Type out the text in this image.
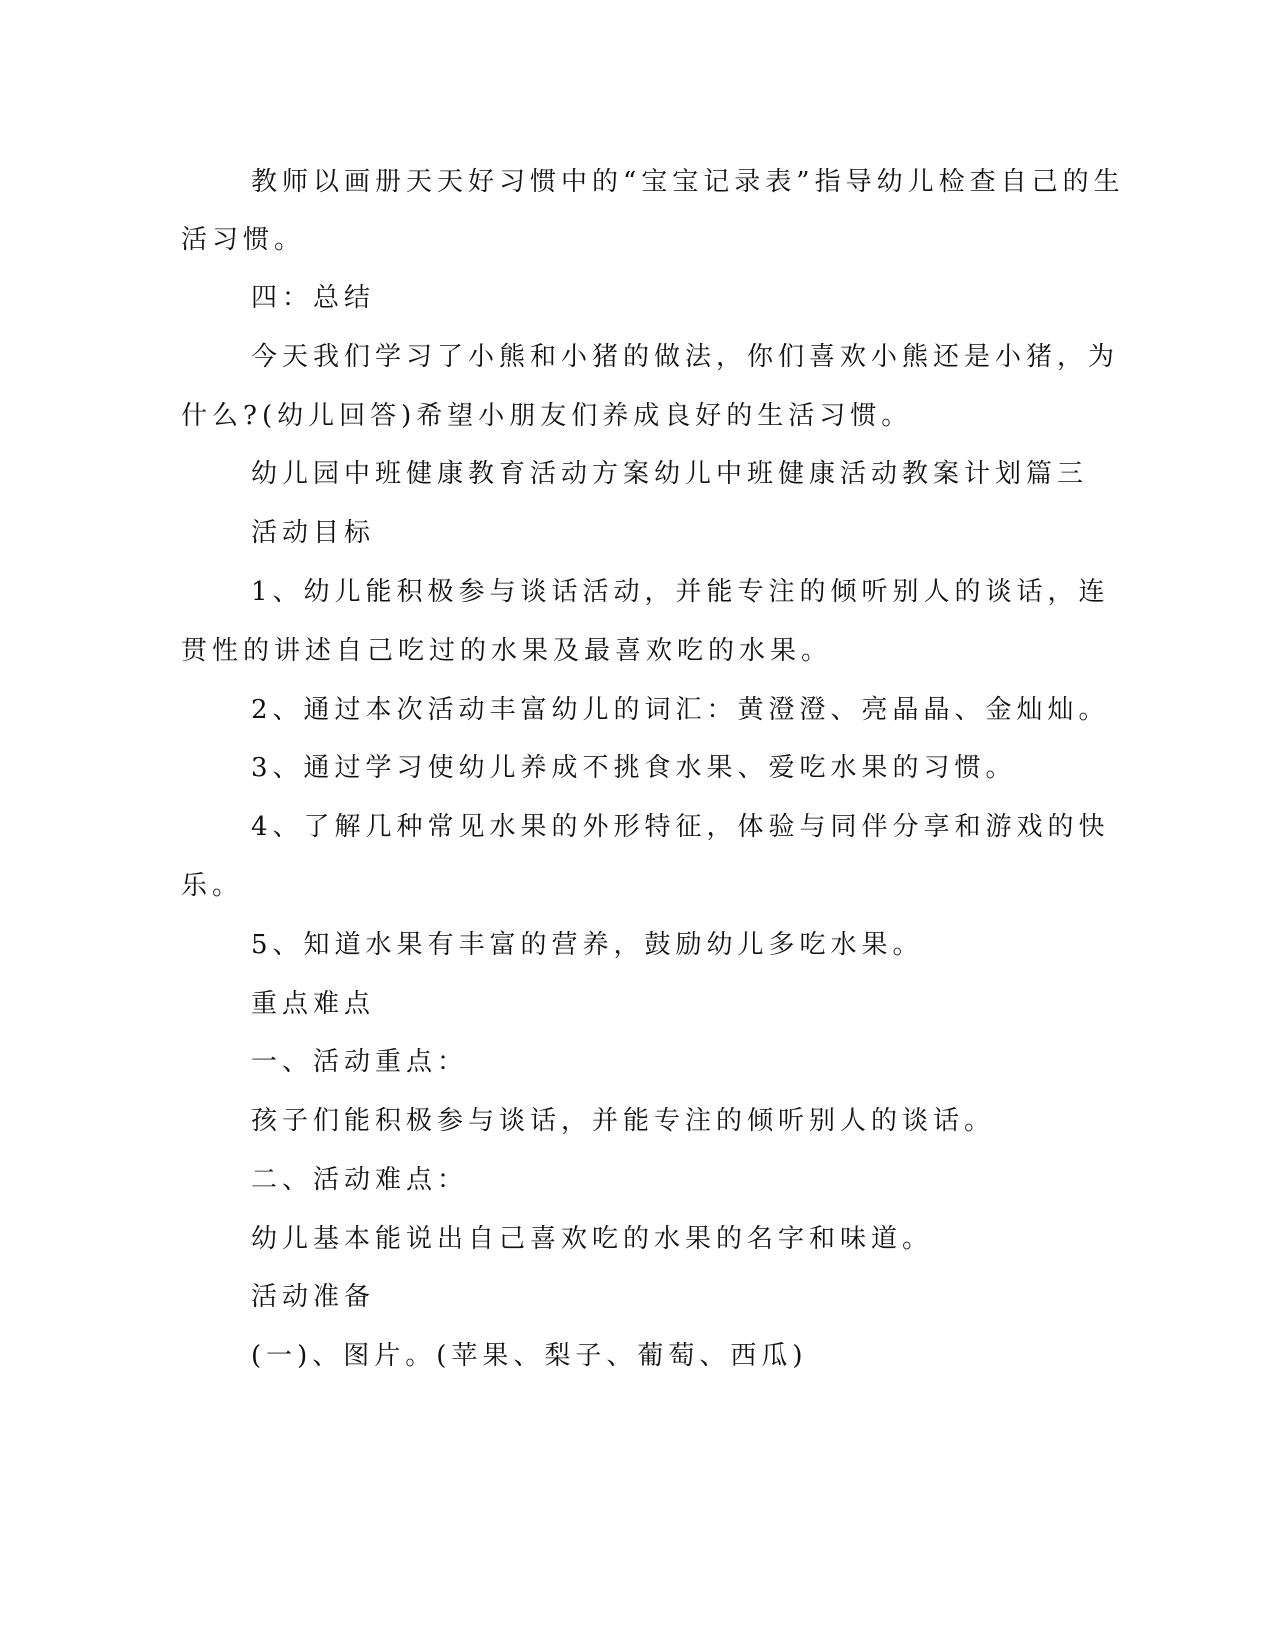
教师以画册天天好习惯中的“宝宝记录表”指导幼儿检查自己的生
活习惯。
四：总结
今天我们学习了小熊和小猪的做法，你们喜欢小熊还是小猪，为
什么?(幼儿回答)希望小朋友们养成良好的生活习惯。
幼儿园中班健康教育活动方案幼儿中班健康活动教案计划篇三
活动目标
1、幼儿能积极参与谈话活动，并能专注的倾听别人的谈话，连
贯性的讲述自己吃过的水果及最喜欢吃的水果。
2、通过本次活动丰富幼儿的词汇：黄澄澄、亮晶晶、金灿灿。
3、通过学习使幼儿养成不挑食水果、爱吃水果的习惯。
4、了解几种常见水果的外形特征，体验与同伴分享和游戏的快
乐。
5、知道水果有丰富的营养，鼓励幼儿多吃水果。
重点难点
一、活动重点：
孩子们能积极参与谈话，并能专注的倾听别人的谈话。
二、活动难点：
幼儿基本能说出自己喜欢吃的水果的名字和味道。
活动准备
(一)、图片。(苹果、梨子、葡萄、西瓜)
